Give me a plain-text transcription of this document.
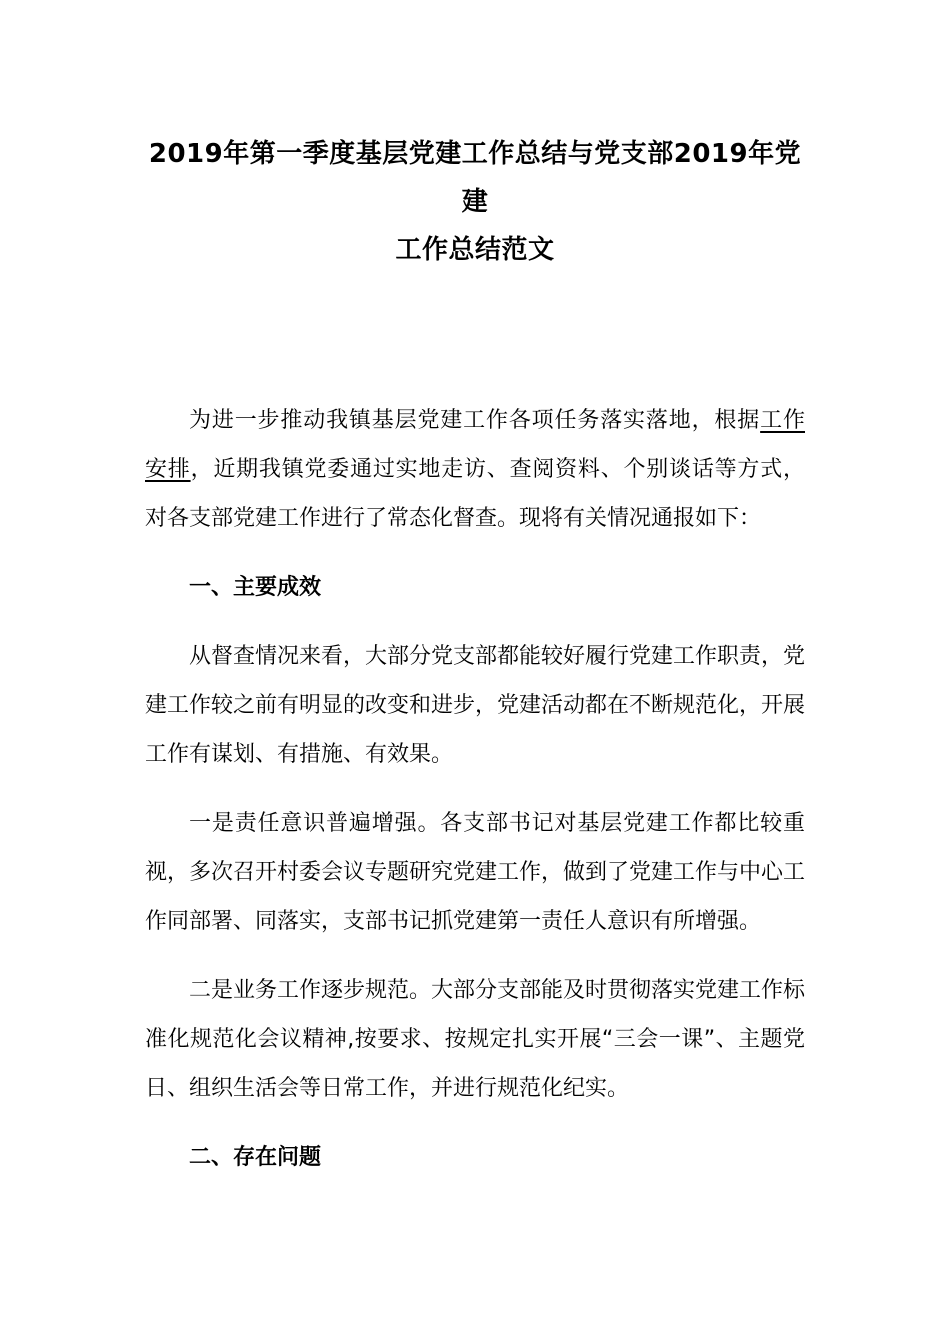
2019年第一季度基层党建工作总结与党支部2019年党建
工作总结范文

为进一步推动我镇基层党建工作各项任务落实落地，根据工作安排，近期我镇党委通过实地走访、查阅资料、个别谈话等方式，对各支部党建工作进行了常态化督查。现将有关情况通报如下：

一、主要成效

从督查情况来看，大部分党支部都能较好履行党建工作职责，党建工作较之前有明显的改变和进步，党建活动都在不断规范化，开展工作有谋划、有措施、有效果。

一是责任意识普遍增强。各支部书记对基层党建工作都比较重视，多次召开村委会议专题研究党建工作，做到了党建工作与中心工作同部署、同落实，支部书记抓党建第一责任人意识有所增强。

二是业务工作逐步规范。大部分支部能及时贯彻落实党建工作标准化规范化会议精神,按要求、按规定扎实开展“三会一课”、主题党日、组织生活会等日常工作，并进行规范化纪实。

二、存在问题
